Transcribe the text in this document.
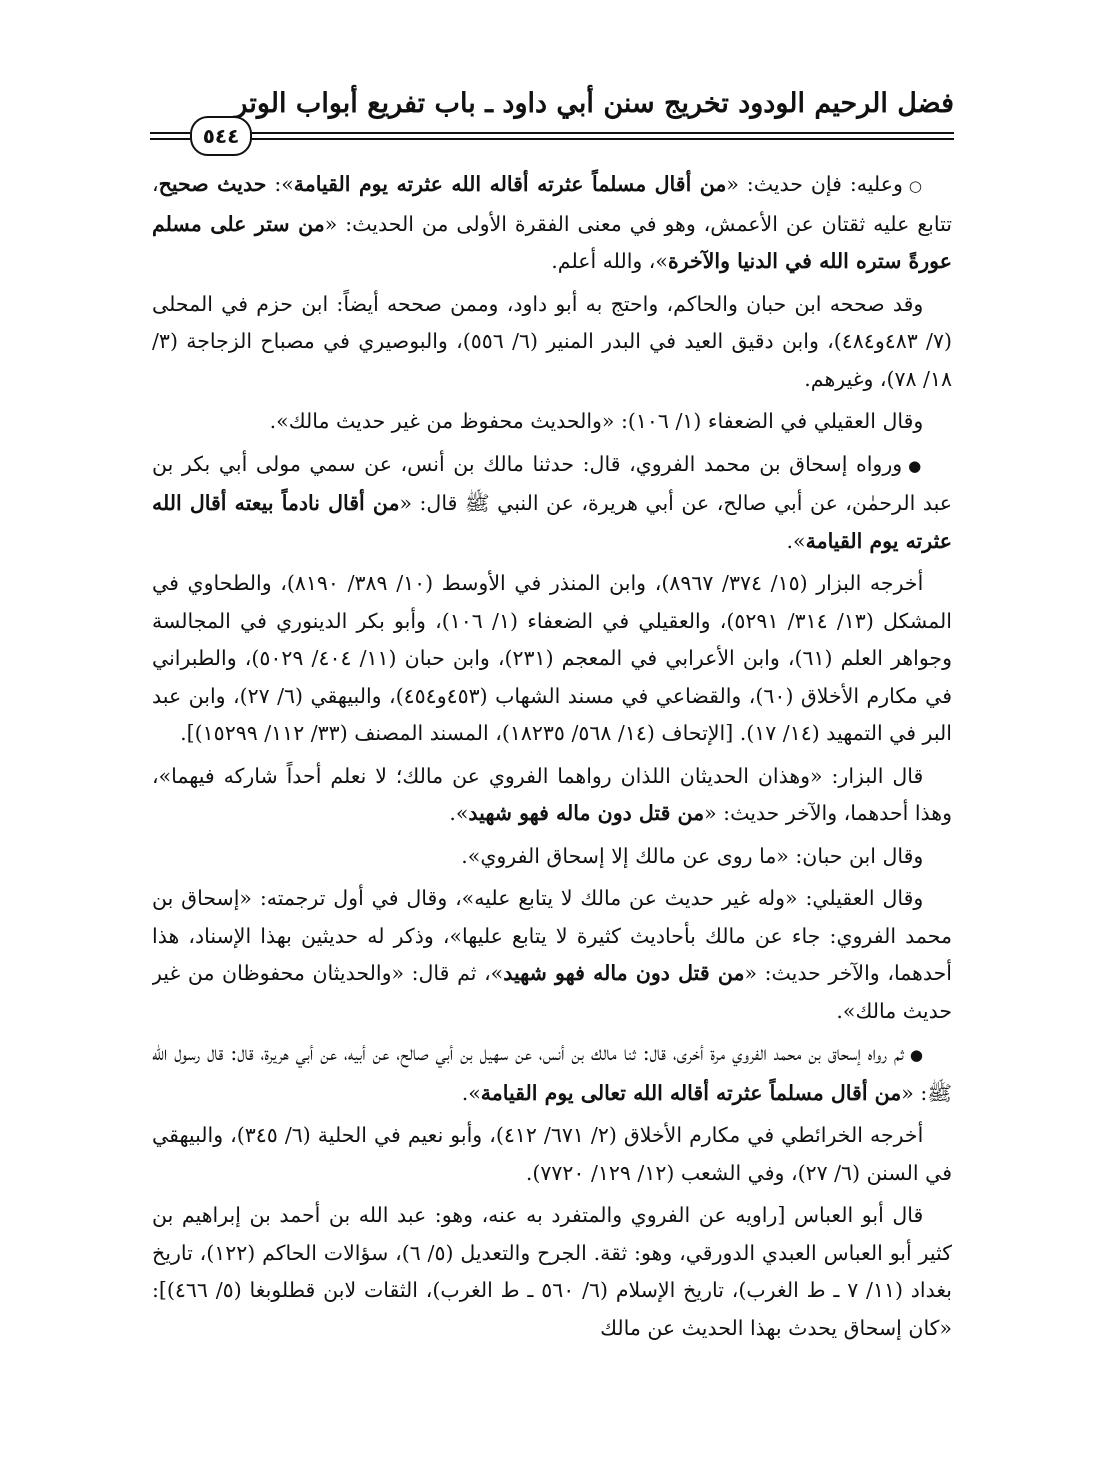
فضل الرحيم الودود تخريج سنن أبي داود ـ باب تفريع أبواب الوتر
٥٤٤

○وعليه: فإن حديث: «من أقال مسلماً عثرته أقاله الله عثرته يوم القيامة»: حديث صحيح، تتابع عليه ثقتان عن الأعمش، وهو في معنى الفقرة الأولى من الحديث: «من ستر على مسلم عورةً ستره الله في الدنيا والآخرة»، والله أعلم.

وقد صححه ابن حبان والحاكم، واحتج به أبو داود، وممن صححه أيضاً: ابن حزم في المحلى (٧/ ٤٨٣و٤٨٤)، وابن دقيق العيد في البدر المنير (٦/ ٥٥٦)، والبوصيري في مصباح الزجاجة (٣/ ١٨/ ٧٨)، وغيرهم.

وقال العقيلي في الضعفاء (١/ ١٠٦): «والحديث محفوظ من غير حديث مالك».

●ورواه إسحاق بن محمد الفروي، قال: حدثنا مالك بن أنس، عن سمي مولى أبي بكر بن عبد الرحمٰن، عن أبي صالح، عن أبي هريرة، عن النبي ﷺ قال: «من أقال نادماً بيعته أقال الله عثرته يوم القيامة».

أخرجه البزار (١٥/ ٣٧٤/ ٨٩٦٧)، وابن المنذر في الأوسط (١٠/ ٣٨٩/ ٨١٩٠)، والطحاوي في المشكل (١٣/ ٣١٤/ ٥٢٩١)، والعقيلي في الضعفاء (١/ ١٠٦)، وأبو بكر الدينوري في المجالسة وجواهر العلم (٦١)، وابن الأعرابي في المعجم (٢٣١)، وابن حبان (١١/ ٤٠٤/ ٥٠٢٩)، والطبراني في مكارم الأخلاق (٦٠)، والقضاعي في مسند الشهاب (٤٥٣و٤٥٤)، والبيهقي (٦/ ٢٧)، وابن عبد البر في التمهيد (١٤/ ١٧). [الإتحاف (١٤/ ٥٦٨/ ١٨٢٣٥)، المسند المصنف (٣٣/ ١١٢/ ١٥٢٩٩)].

قال البزار: «وهذان الحديثان اللذان رواهما الفروي عن مالك؛ لا نعلم أحداً شاركه فيهما»، وهذا أحدهما، والآخر حديث: «من قتل دون ماله فهو شهيد».

وقال ابن حبان: «ما روى عن مالك إلا إسحاق الفروي».

وقال العقيلي: «وله غير حديث عن مالك لا يتابع عليه»، وقال في أول ترجمته: «إسحاق بن محمد الفروي: جاء عن مالك بأحاديث كثيرة لا يتابع عليها»، وذكر له حديثين بهذا الإسناد، هذا أحدهما، والآخر حديث: «من قتل دون ماله فهو شهيد»، ثم قال: «والحديثان محفوظان من غير حديث مالك».

●ثم رواه إسحاق بن محمد الفروي مرة أخرى، قال: ثنا مالك بن أنس، عن سهيل بن أبي صالح، عن أبيه، عن أبي هريرة، قال: قال رسول الله ﷺ: «من أقال مسلماً عثرته أقاله الله تعالى يوم القيامة».

أخرجه الخرائطي في مكارم الأخلاق (٢/ ٦٧١/ ٤١٢)، وأبو نعيم في الحلية (٦/ ٣٤٥)، والبيهقي في السنن (٦/ ٢٧)، وفي الشعب (١٢/ ١٢٩/ ٧٧٢٠).

قال أبو العباس [راويه عن الفروي والمتفرد به عنه، وهو: عبد الله بن أحمد بن إبراهيم بن كثير أبو العباس العبدي الدورقي، وهو: ثقة. الجرح والتعديل (٥/ ٦)، سؤالات الحاكم (١٢٢)، تاريخ بغداد (١١/ ٧ ـ ط الغرب)، تاريخ الإسلام (٦/ ٥٦٠ ـ ط الغرب)، الثقات لابن قطلوبغا (٥/ ٤٦٦)]: «كان إسحاق يحدث بهذا الحديث عن مالك
